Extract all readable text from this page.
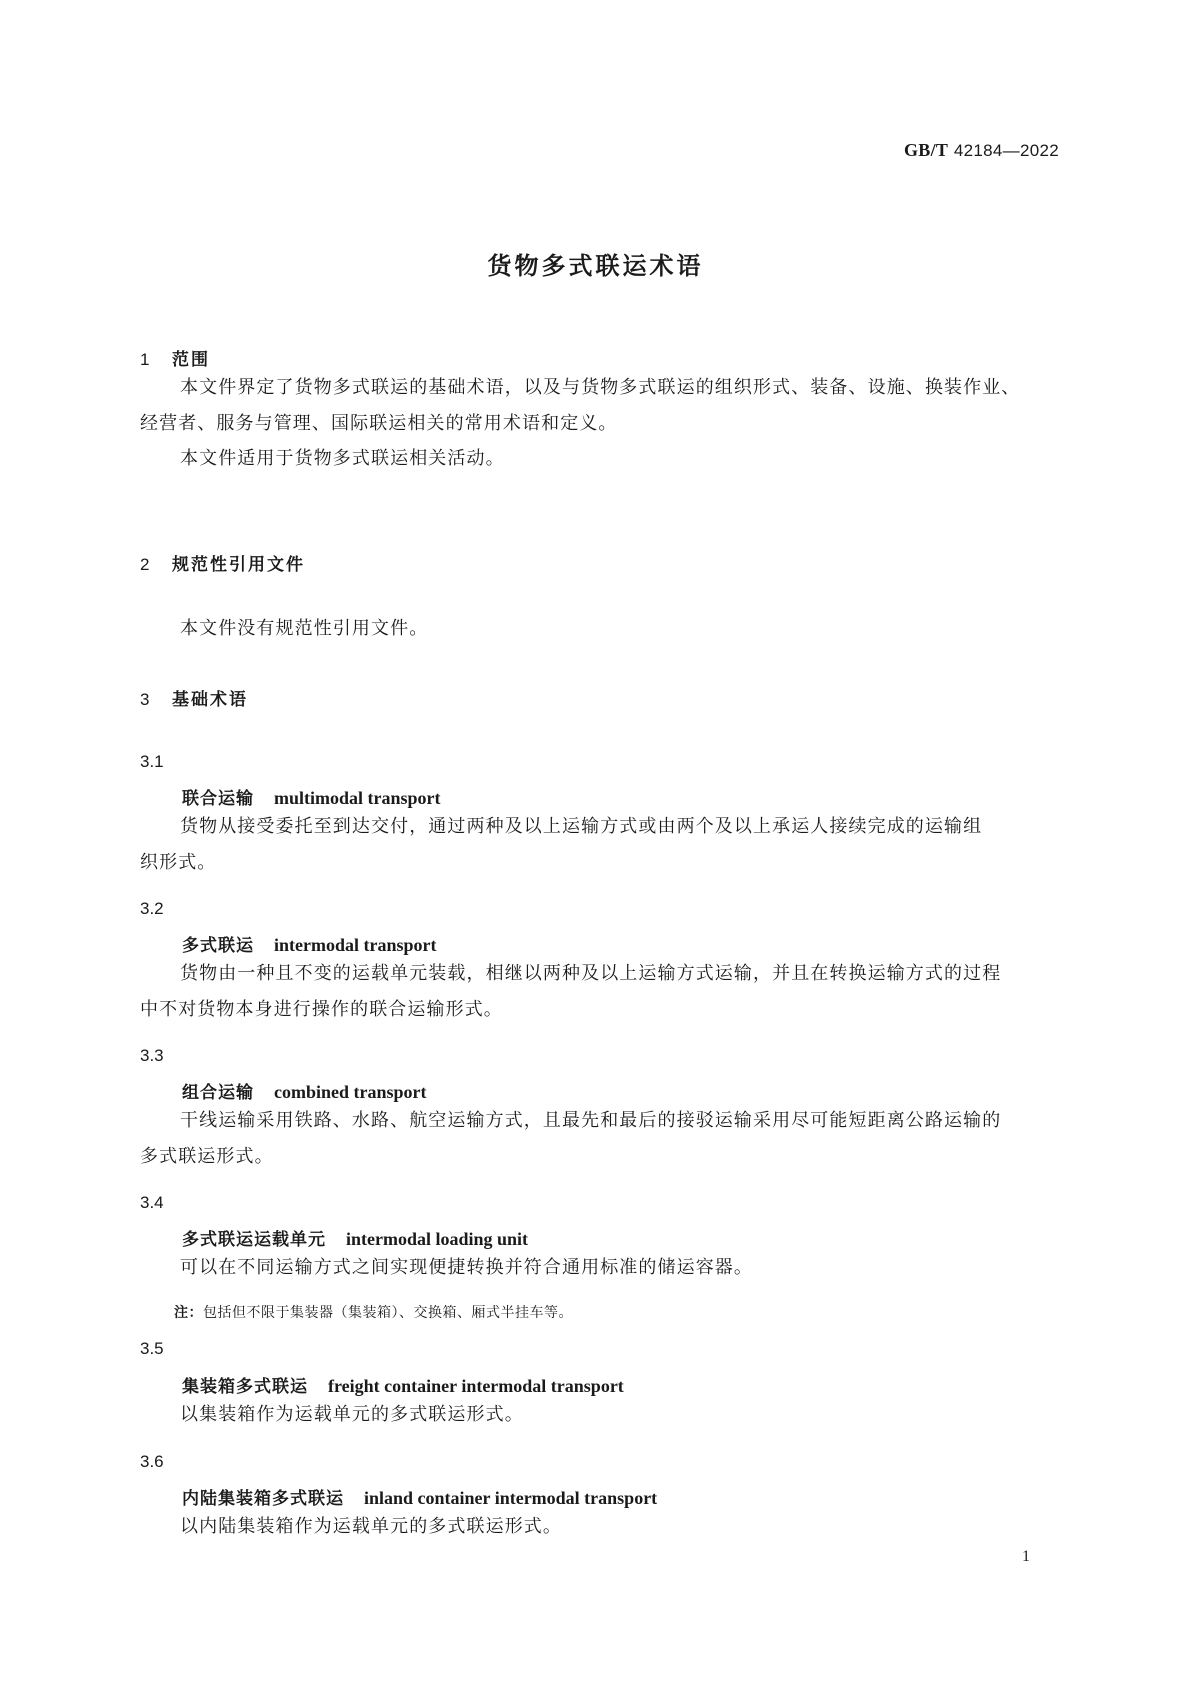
GB/T 42184—2022
货物多式联运术语
1 范围
本文件界定了货物多式联运的基础术语，以及与货物多式联运的组织形式、装备、设施、换装作业、
经营者、服务与管理、国际联运相关的常用术语和定义。
本文件适用于货物多式联运相关活动。
2 规范性引用文件
本文件没有规范性引用文件。
3 基础术语
3.1
联合运输 multimodal transport
货物从接受委托至到达交付，通过两种及以上运输方式或由两个及以上承运人接续完成的运输组
织形式。
3.2
多式联运 intermodal transport
货物由一种且不变的运载单元装载，相继以两种及以上运输方式运输，并且在转换运输方式的过程
中不对货物本身进行操作的联合运输形式。
3.3
组合运输 combined transport
干线运输采用铁路、水路、航空运输方式，且最先和最后的接驳运输采用尽可能短距离公路运输的
多式联运形式。
3.4
多式联运运载单元 intermodal loading unit
可以在不同运输方式之间实现便捷转换并符合通用标准的储运容器。
注：包括但不限于集装器（集装箱）、交换箱、厢式半挂车等。
3.5
集装箱多式联运 freight container intermodal transport
以集装箱作为运载单元的多式联运形式。
3.6
内陆集装箱多式联运 inland container intermodal transport
以内陆集装箱作为运载单元的多式联运形式。
1
